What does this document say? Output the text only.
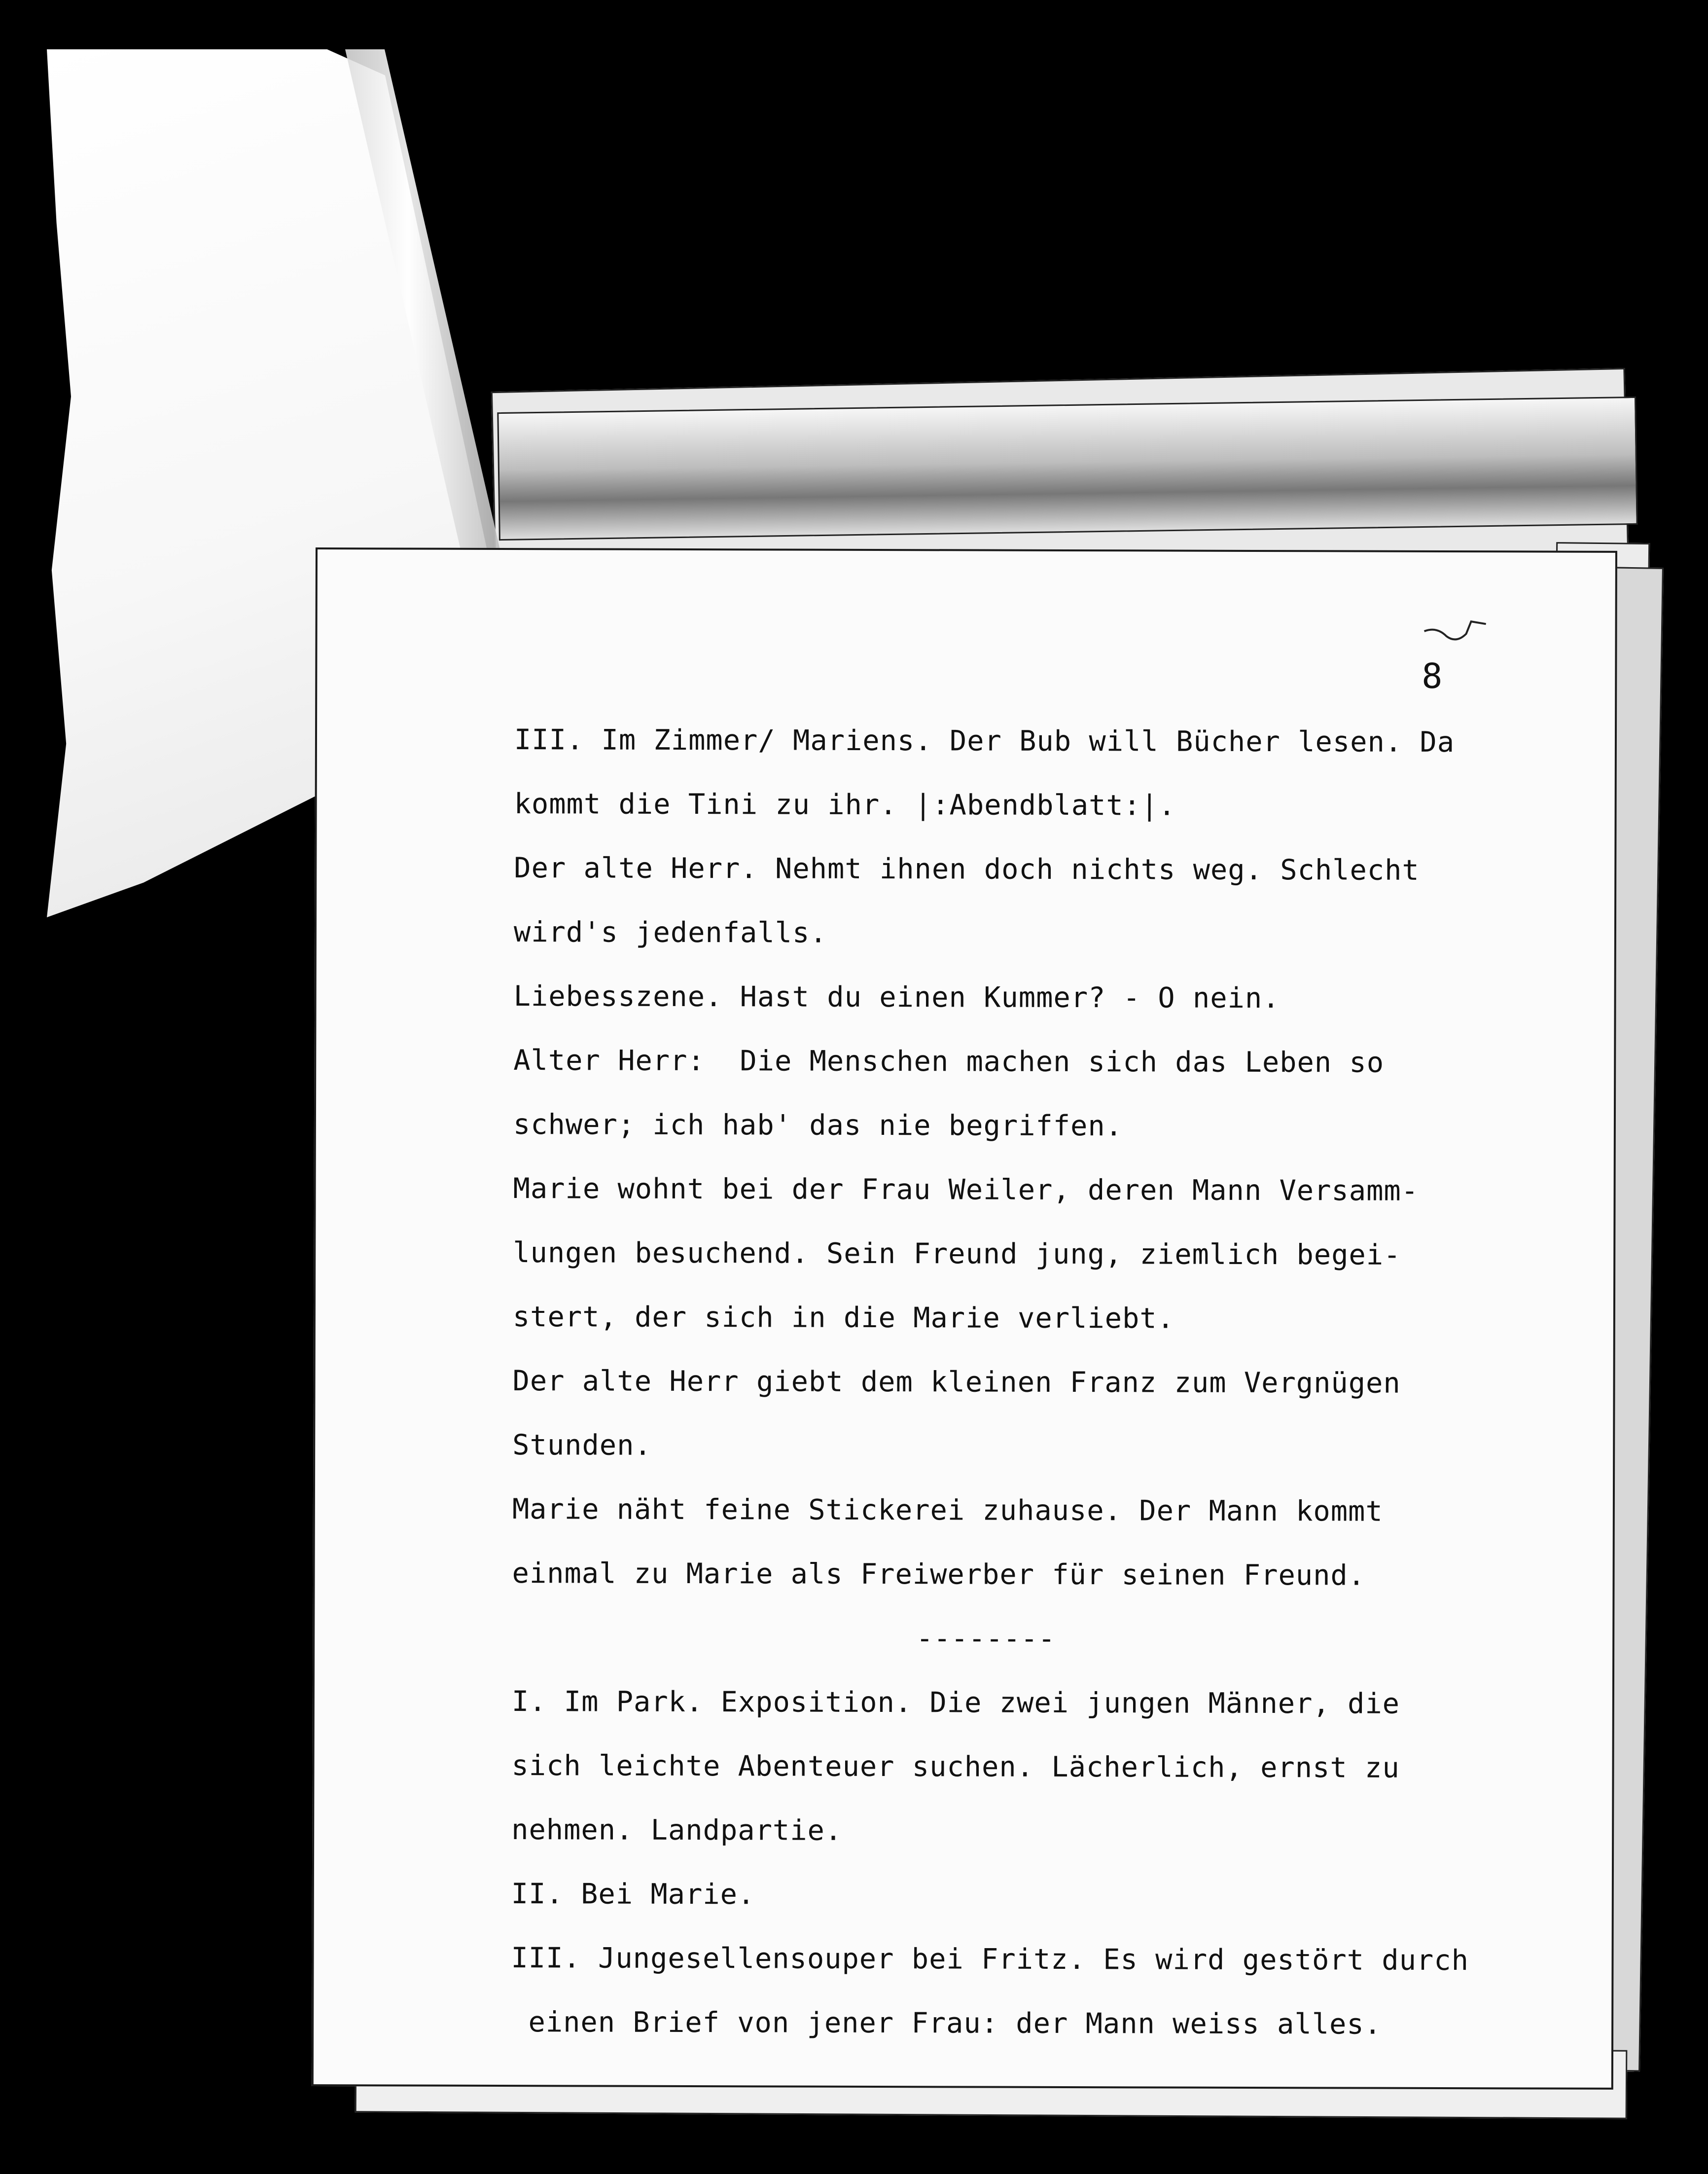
8
III. Im Zimmer/ Mariens. Der Bub will Bücher lesen. Da
kommt die Tini zu ihr. |:Abendblatt:|.
Der alte Herr. Nehmt ihnen doch nichts weg. Schlecht
wird's jedenfalls.
Liebesszene. Hast du einen Kummer? - O nein.
Alter Herr:  Die Menschen machen sich das Leben so
schwer; ich hab' das nie begriffen.
Marie wohnt bei der Frau Weiler, deren Mann Versamm-
lungen besuchend. Sein Freund jung, ziemlich begei-
stert, der sich in die Marie verliebt.
Der alte Herr giebt dem kleinen Franz zum Vergnügen
Stunden.
Marie näht feine Stickerei zuhause. Der Mann kommt
einmal zu Marie als Freiwerber für seinen Freund.
--------
I. Im Park. Exposition. Die zwei jungen Männer, die
sich leichte Abenteuer suchen. Lächerlich, ernst zu
nehmen. Landpartie.
II. Bei Marie.
III. Jungesellensouper bei Fritz. Es wird gestört durch
einen Brief von jener Frau: der Mann weiss alles.
